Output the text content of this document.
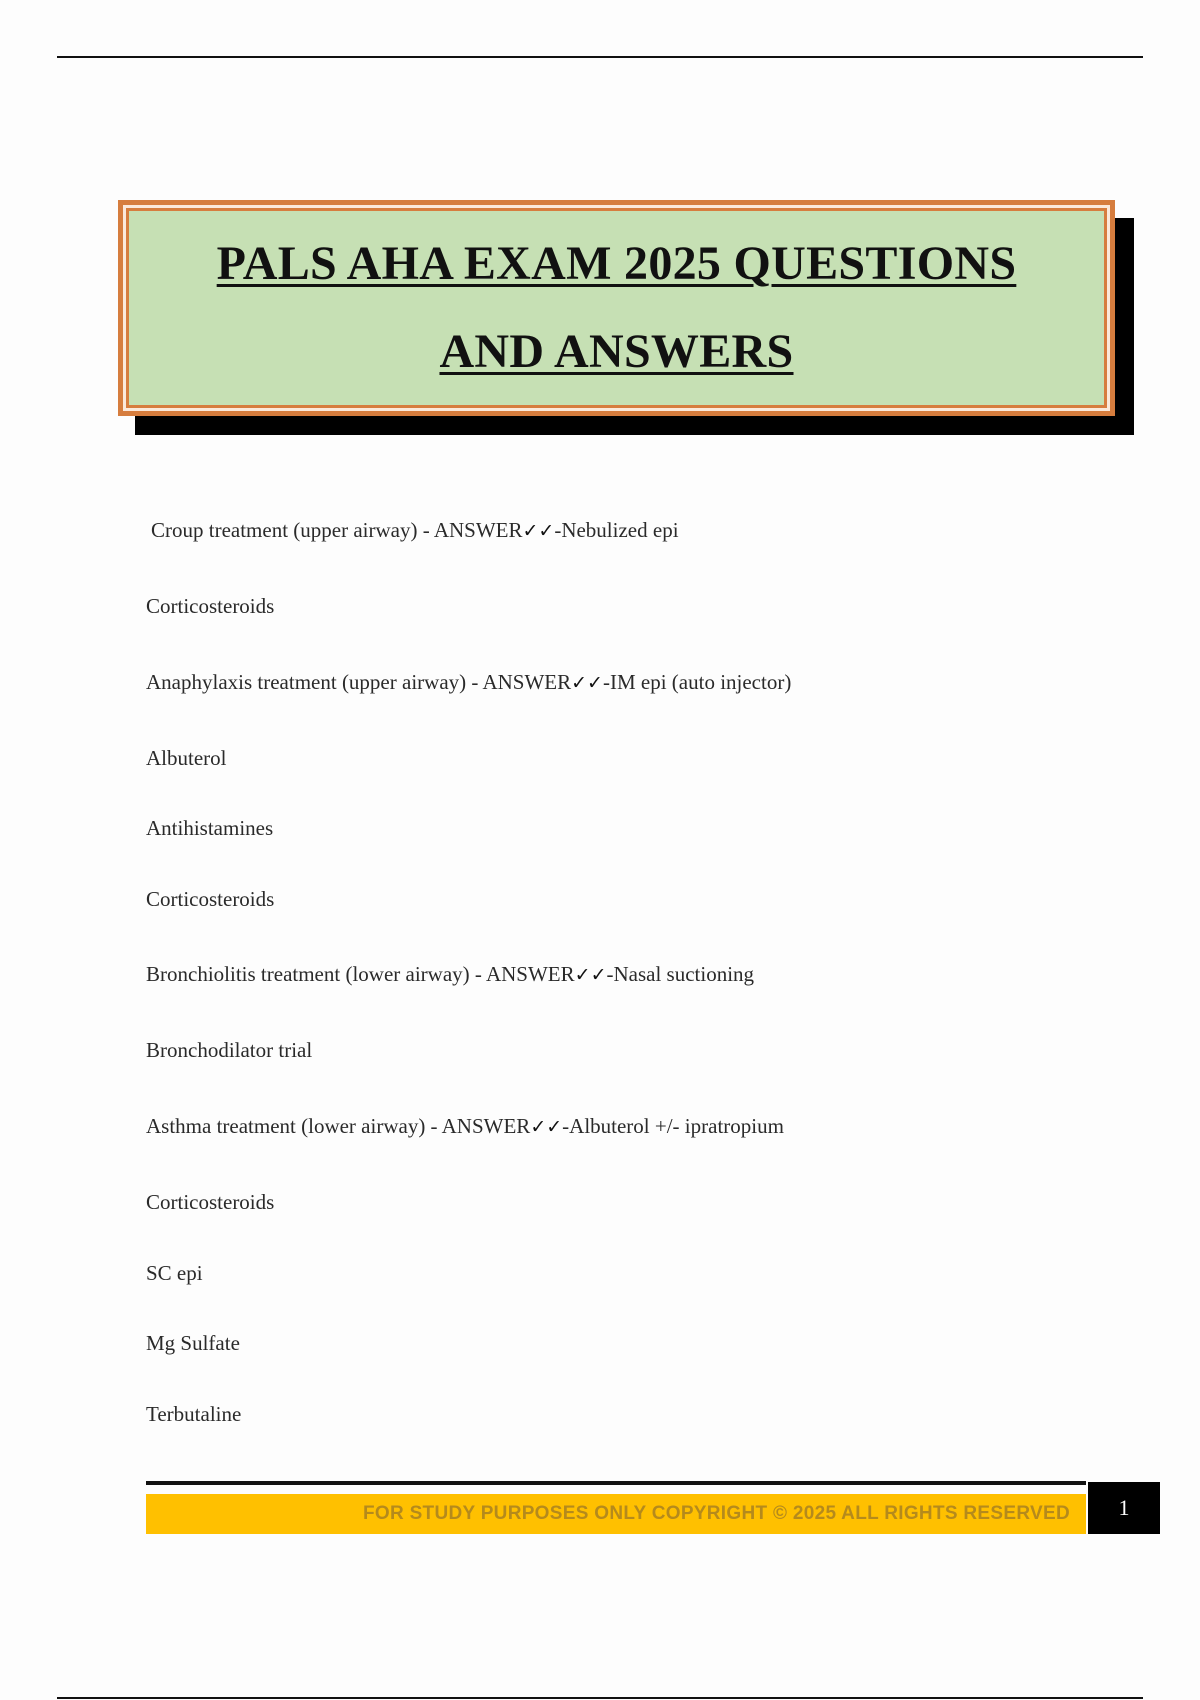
PALS AHA EXAM 2025 QUESTIONS
AND ANSWERS
Croup treatment (upper airway) - ANSWER✓✓-Nebulized epi
Corticosteroids
Anaphylaxis treatment (upper airway) - ANSWER✓✓-IM epi (auto injector)
Albuterol
Antihistamines
Corticosteroids
Bronchiolitis treatment (lower airway) - ANSWER✓✓-Nasal suctioning
Bronchodilator trial
Asthma treatment (lower airway) - ANSWER✓✓-Albuterol +/- ipratropium
Corticosteroids
SC epi
Mg Sulfate
Terbutaline
FOR STUDY PURPOSES ONLY COPYRIGHT © 2025 ALL RIGHTS RESERVED 1
